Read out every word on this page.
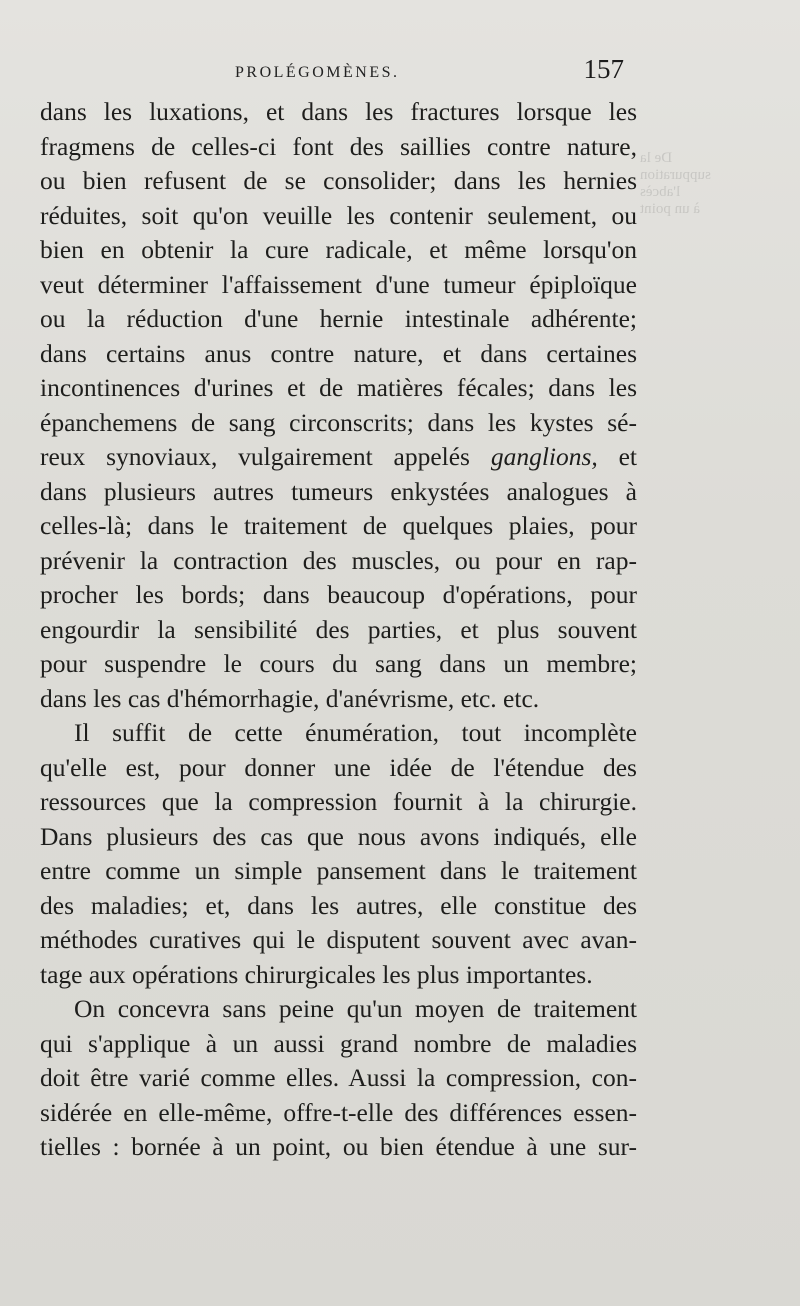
De la
suppuration
l'abcès
à un point
PROLÉGOMÈNES.	157
dans les luxations, et dans les fractures lorsque les
fragmens de celles-ci font des saillies contre nature,
ou bien refusent de se consolider; dans les hernies
réduites, soit qu'on veuille les contenir seulement, ou
bien en obtenir la cure radicale, et même lorsqu'on
veut déterminer l'affaissement d'une tumeur épiploïque
ou la réduction d'une hernie intestinale adhérente;
dans certains anus contre nature, et dans certaines
incontinences d'urines et de matières fécales; dans les
épanchemens de sang circonscrits; dans les kystes sé-
reux synoviaux, vulgairement appelés ganglions, et
dans plusieurs autres tumeurs enkystées analogues à
celles-là; dans le traitement de quelques plaies, pour
prévenir la contraction des muscles, ou pour en rap-
procher les bords; dans beaucoup d'opérations, pour
engourdir la sensibilité des parties, et plus souvent
pour suspendre le cours du sang dans un membre;
dans les cas d'hémorrhagie, d'anévrisme, etc. etc.
Il suffit de cette énumération, tout incomplète
qu'elle est, pour donner une idée de l'étendue des
ressources que la compression fournit à la chirurgie.
Dans plusieurs des cas que nous avons indiqués, elle
entre comme un simple pansement dans le traitement
des maladies; et, dans les autres, elle constitue des
méthodes curatives qui le disputent souvent avec avan-
tage aux opérations chirurgicales les plus importantes.
On concevra sans peine qu'un moyen de traitement
qui s'applique à un aussi grand nombre de maladies
doit être varié comme elles. Aussi la compression, con-
sidérée en elle-même, offre-t-elle des différences essen-
tielles : bornée à un point, ou bien étendue à une sur-
